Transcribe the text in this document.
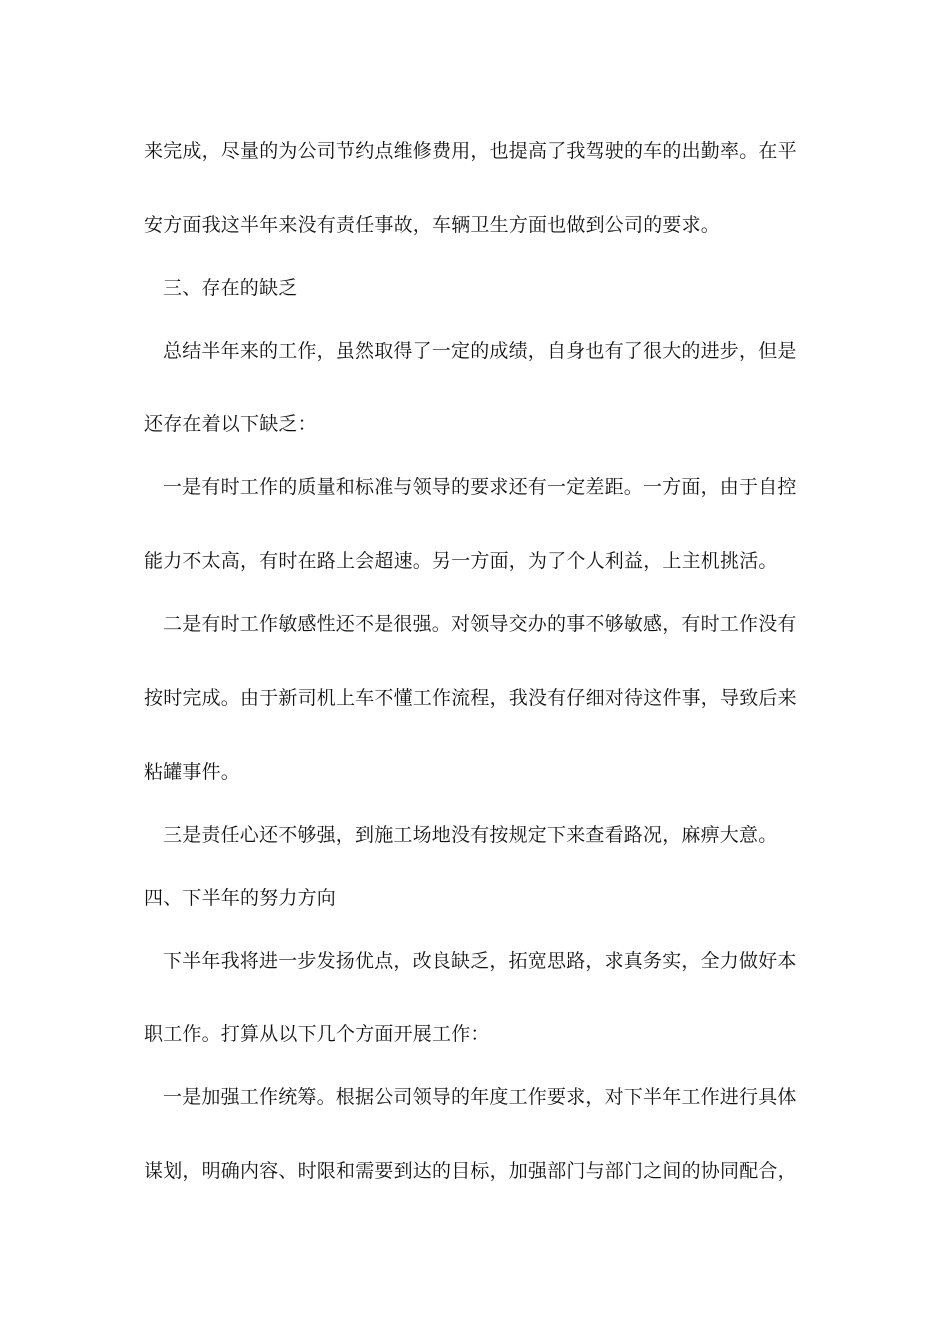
来完成，尽量的为公司节约点维修费用，也提高了我驾驶的车的出勤率。在平
安方面我这半年来没有责任事故，车辆卫生方面也做到公司的要求。
三、存在的缺乏
总结半年来的工作，虽然取得了一定的成绩，自身也有了很大的进步，但是
还存在着以下缺乏：
一是有时工作的质量和标准与领导的要求还有一定差距。一方面，由于自控
能力不太高，有时在路上会超速。另一方面，为了个人利益，上主机挑活。
二是有时工作敏感性还不是很强。对领导交办的事不够敏感，有时工作没有
按时完成。由于新司机上车不懂工作流程，我没有仔细对待这件事，导致后来
粘罐事件。
三是责任心还不够强，到施工场地没有按规定下来查看路况，麻痹大意。
四、下半年的努力方向
下半年我将进一步发扬优点，改良缺乏，拓宽思路，求真务实，全力做好本
职工作。打算从以下几个方面开展工作：
一是加强工作统筹。根据公司领导的年度工作要求，对下半年工作进行具体
谋划，明确内容、时限和需要到达的目标，加强部门与部门之间的协同配合，
